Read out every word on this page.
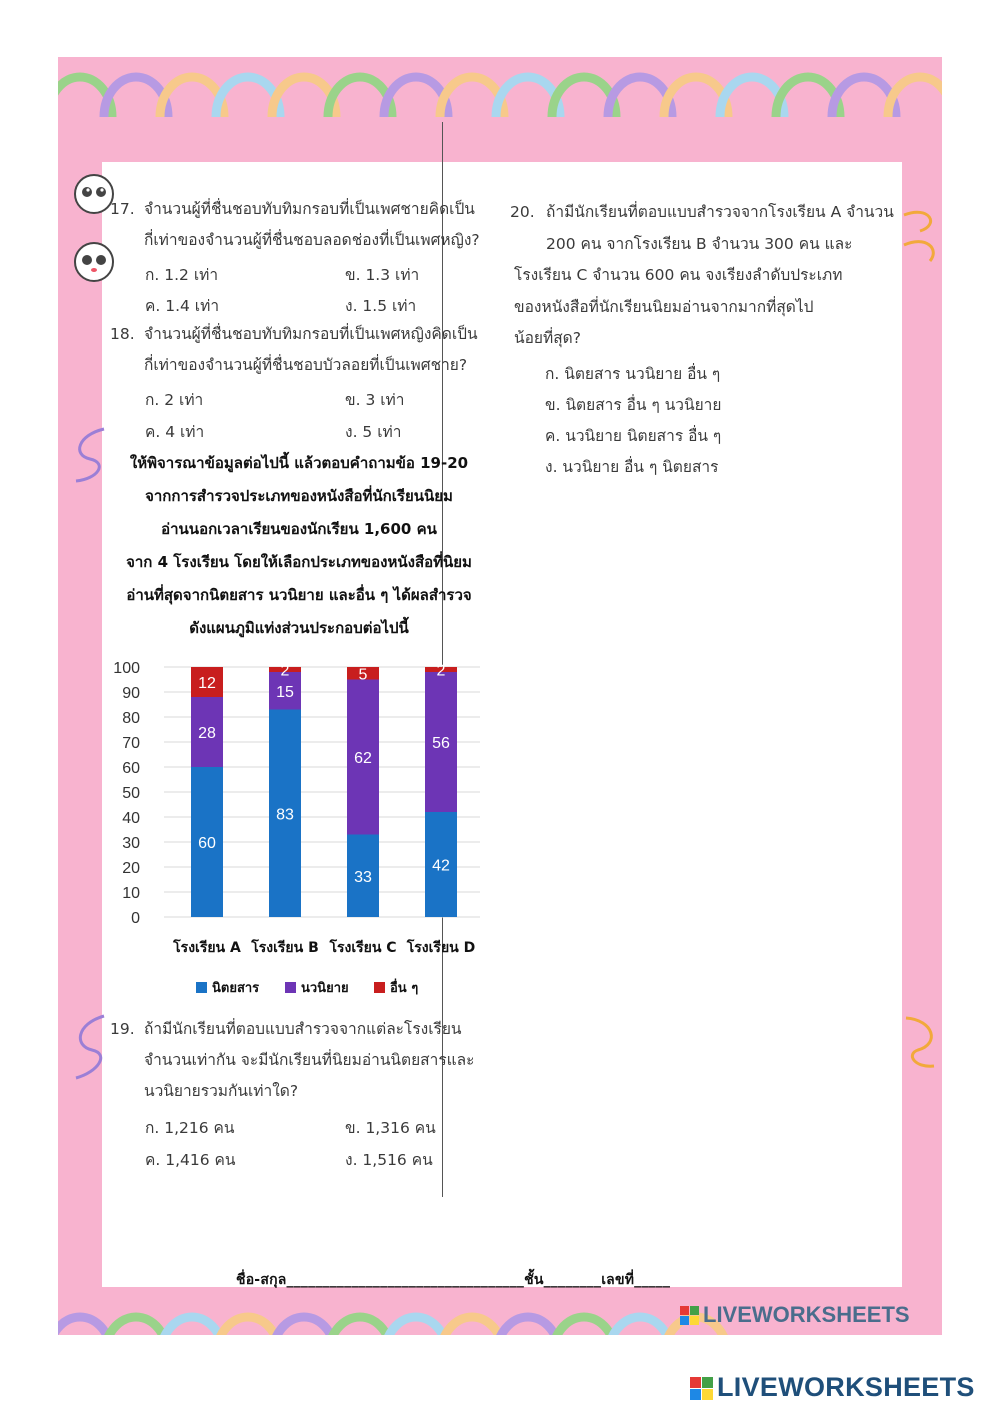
17. จำนวนผู้ที่ชื่นชอบทับทิมกรอบที่เป็นเพศชายคิดเป็น
กี่เท่าของจำนวนผู้ที่ชื่นชอบลอดช่องที่เป็นเพศหญิง?
ก. 1.2 เท่า	ข. 1.3 เท่า
ค. 1.4 เท่า	ง. 1.5 เท่า
18. จำนวนผู้ที่ชื่นชอบทับทิมกรอบที่เป็นเพศหญิงคิดเป็น
กี่เท่าของจำนวนผู้ที่ชื่นชอบบัวลอยที่เป็นเพศชาย?
ก. 2 เท่า	ข. 3 เท่า
ค. 4 เท่า	ง. 5 เท่า
ให้พิจารณาข้อมูลต่อไปนี้ แล้วตอบคำถามข้อ 19-20
จากการสำรวจประเภทของหนังสือที่นักเรียนนิยม
อ่านนอกเวลาเรียนของนักเรียน 1,600 คน
จาก 4 โรงเรียน โดยให้เลือกประเภทของหนังสือที่นิยม
อ่านที่สุดจากนิตยสาร นวนิยาย และอื่น ๆ ได้ผลสำรวจ
ดังแผนภูมิแท่งส่วนประกอบต่อไปนี้
0
10
20
30
40
50
60
70
80
90
100
60
28
12
โรงเรียน A
83
15
2
โรงเรียน B
33
62
5
โรงเรียน C
42
56
2
โรงเรียน D
นิตยสาร	นวนิยาย	อื่น ๆ
19. ถ้ามีนักเรียนที่ตอบแบบสำรวจจากแต่ละโรงเรียน
จำนวนเท่ากัน จะมีนักเรียนที่นิยมอ่านนิตยสารและ
นวนิยายรวมกันเท่าใด?
ก. 1,216 คน	ข. 1,316 คน
ค. 1,416 คน	ง. 1,516 คน
20. ถ้ามีนักเรียนที่ตอบแบบสำรวจจากโรงเรียน A จำนวน
200 คน จากโรงเรียน B จำนวน 300 คน และ
โรงเรียน C จำนวน 600 คน จงเรียงลำดับประเภท
ของหนังสือที่นักเรียนนิยมอ่านจากมากที่สุดไป
น้อยที่สุด?
ก. นิตยสาร นวนิยาย อื่น ๆ
ข. นิตยสาร อื่น ๆ นวนิยาย
ค. นวนิยาย นิตยสาร อื่น ๆ
ง. นวนิยาย อื่น ๆ นิตยสาร
ชื่อ-สกุล_________________________________ชั้น________เลขที่_____
LIVEWORKSHEETS
LIVEWORKSHEETS
